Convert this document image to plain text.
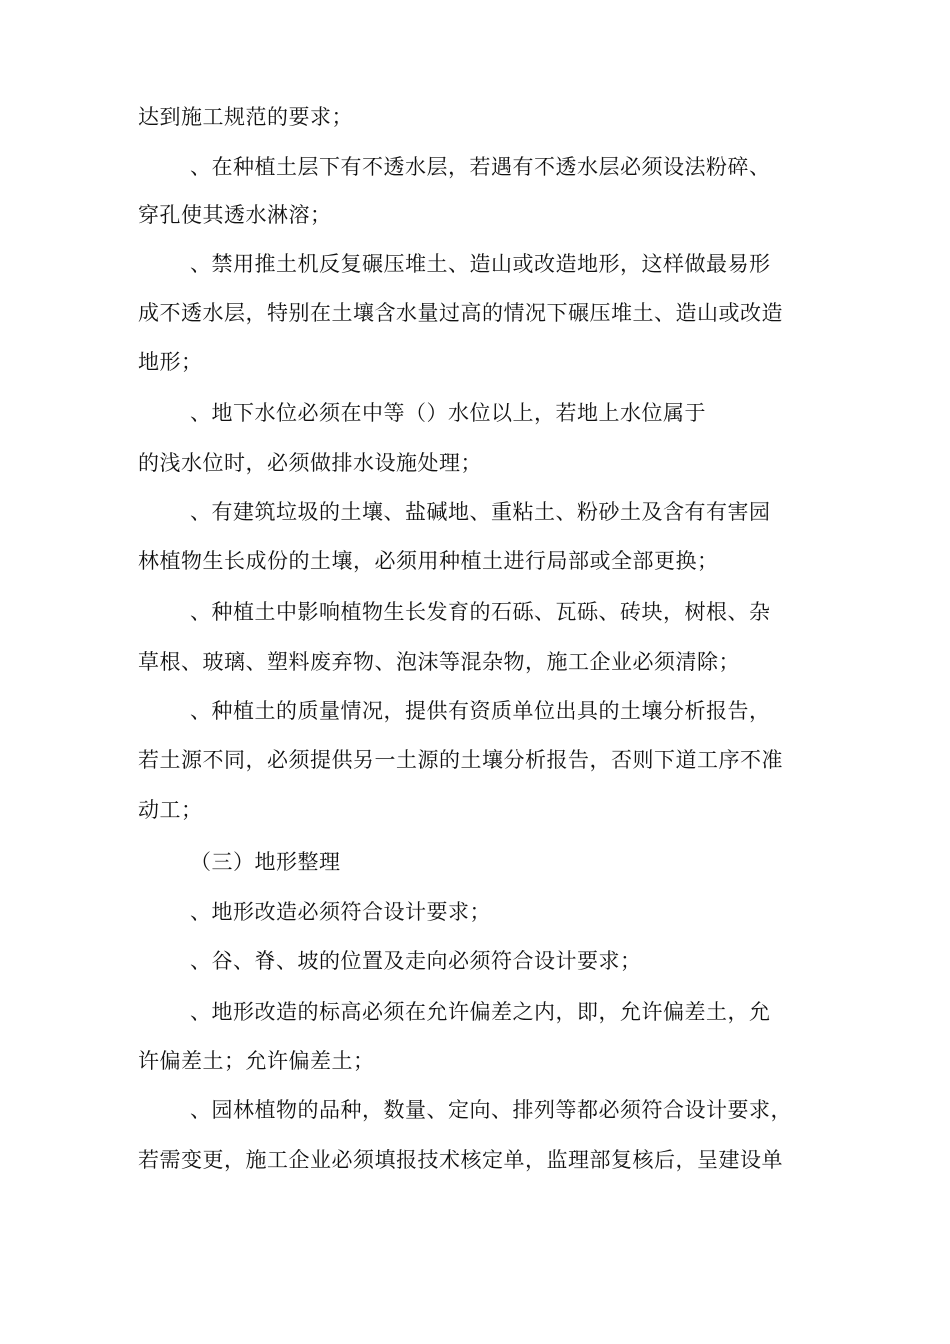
达到施工规范的要求；
、在种植土层下有不透水层，若遇有不透水层必须设法粉碎、
穿孔使其透水淋溶；
、禁用推土机反复碾压堆土、造山或改造地形，这样做最易形
成不透水层，特别在土壤含水量过高的情况下碾压堆土、造山或改造
地形；
、地下水位必须在中等（）水位以上，若地上水位属于
的浅水位时，必须做排水设施处理；
、有建筑垃圾的土壤、盐碱地、重粘土、粉砂土及含有有害园
林植物生长成份的土壤，必须用种植土进行局部或全部更换；
、种植土中影响植物生长发育的石砾、瓦砾、砖块，树根、杂
草根、玻璃、塑料废弃物、泡沫等混杂物，施工企业必须清除；
、种植土的质量情况，提供有资质单位出具的土壤分析报告，
若土源不同，必须提供另一土源的土壤分析报告，否则下道工序不准
动工；
（三）地形整理
、地形改造必须符合设计要求；
、谷、脊、坡的位置及走向必须符合设计要求；
、地形改造的标高必须在允许偏差之内，即，允许偏差土，允
许偏差土；允许偏差土；
、园林植物的品种，数量、定向、排列等都必须符合设计要求，
若需变更，施工企业必须填报技术核定单，监理部复核后，呈建设单
